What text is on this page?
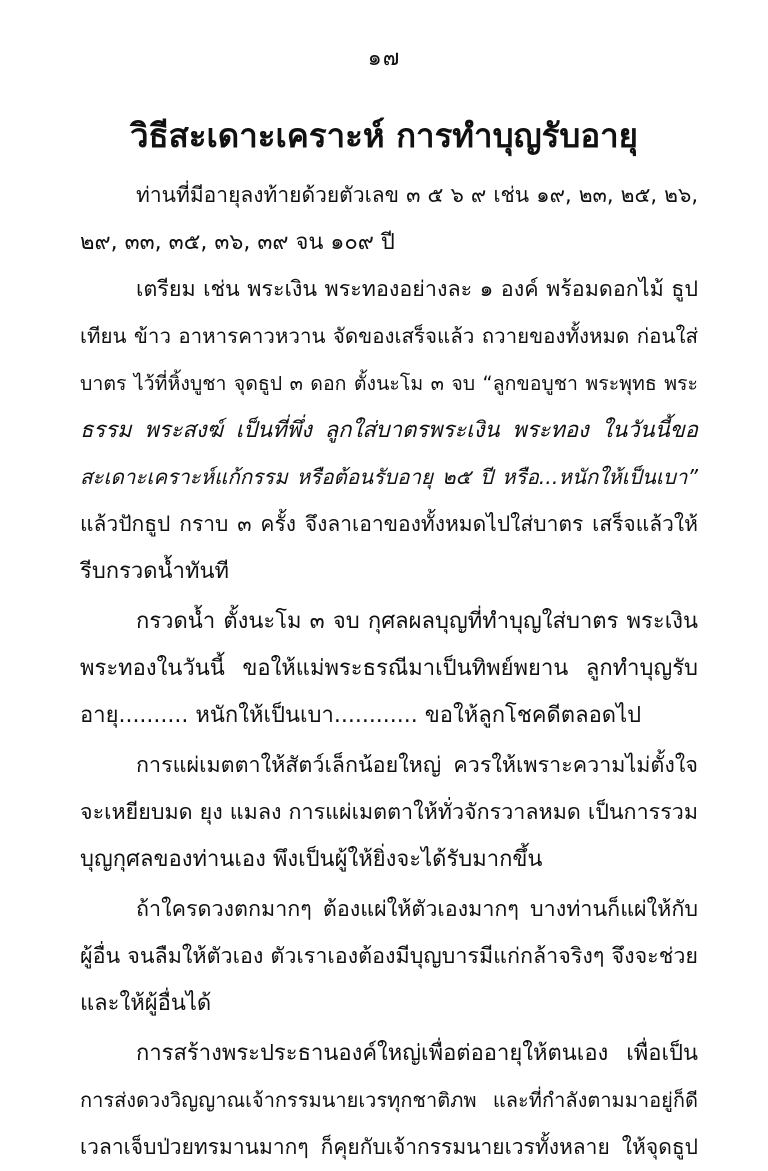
๑๗
วิธีสะเดาะเคราะห์ การทำบุญรับอายุ
ท่านที่มีอายุลงท้ายด้วยตัวเลข ๓ ๕ ๖ ๙ เช่น ๑๙, ๒๓, ๒๕, ๒๖,
๒๙, ๓๓, ๓๕, ๓๖, ๓๙ จน ๑๐๙ ปี
เตรียม เช่น พระเงิน พระทองอย่างละ ๑ องค์ พร้อมดอกไม้ ธูป
เทียน ข้าว อาหารคาวหวาน จัดของเสร็จแล้ว ถวายของทั้งหมด ก่อนใส่
บาตร ไว้ที่หิ้งบูชา จุดธูป ๓ ดอก ตั้งนะโม ๓ จบ “ลูกขอบูชา พระพุทธ พระ
ธรรม พระสงฆ์ เป็นที่พึ่ง ลูกใส่บาตรพระเงิน พระทอง ในวันนี้ขอ
สะเดาะเคราะห์แก้กรรม หรือต้อนรับอายุ ๒๕ ปี หรือ...หนักให้เป็นเบา”
แล้วปักธูป กราบ ๓ ครั้ง จึงลาเอาของทั้งหมดไปใส่บาตร เสร็จแล้วให้
รีบกรวดน้ำทันที
กรวดน้ำ ตั้งนะโม ๓ จบ กุศลผลบุญที่ทำบุญใส่บาตร พระเงิน
พระทองในวันนี้ ขอให้แม่พระธรณีมาเป็นทิพย์พยาน ลูกทำบุญรับ
อายุ.......... หนักให้เป็นเบา............ ขอให้ลูกโชคดีตลอดไป
การแผ่เมตตาให้สัตว์เล็กน้อยใหญ่ ควรให้เพราะความไม่ตั้งใจ
จะเหยียบมด ยุง แมลง การแผ่เมตตาให้ทั่วจักรวาลหมด เป็นการรวม
บุญกุศลของท่านเอง พึงเป็นผู้ให้ยิ่งจะได้รับมากขึ้น
ถ้าใครดวงตกมากๆ ต้องแผ่ให้ตัวเองมากๆ บางท่านก็แผ่ให้กับ
ผู้อื่น จนลืมให้ตัวเอง ตัวเราเองต้องมีบุญบารมีแก่กล้าจริงๆ จึงจะช่วย
และให้ผู้อื่นได้
การสร้างพระประธานองค์ใหญ่เพื่อต่ออายุให้ตนเอง เพื่อเป็น
การส่งดวงวิญญาณเจ้ากรรมนายเวรทุกชาติภพ และที่กำลังตามมาอยู่ก็ดี
เวลาเจ็บป่วยทรมานมากๆ ก็คุยกับเจ้ากรรมนายเวรทั้งหลาย ให้จุดธูป
